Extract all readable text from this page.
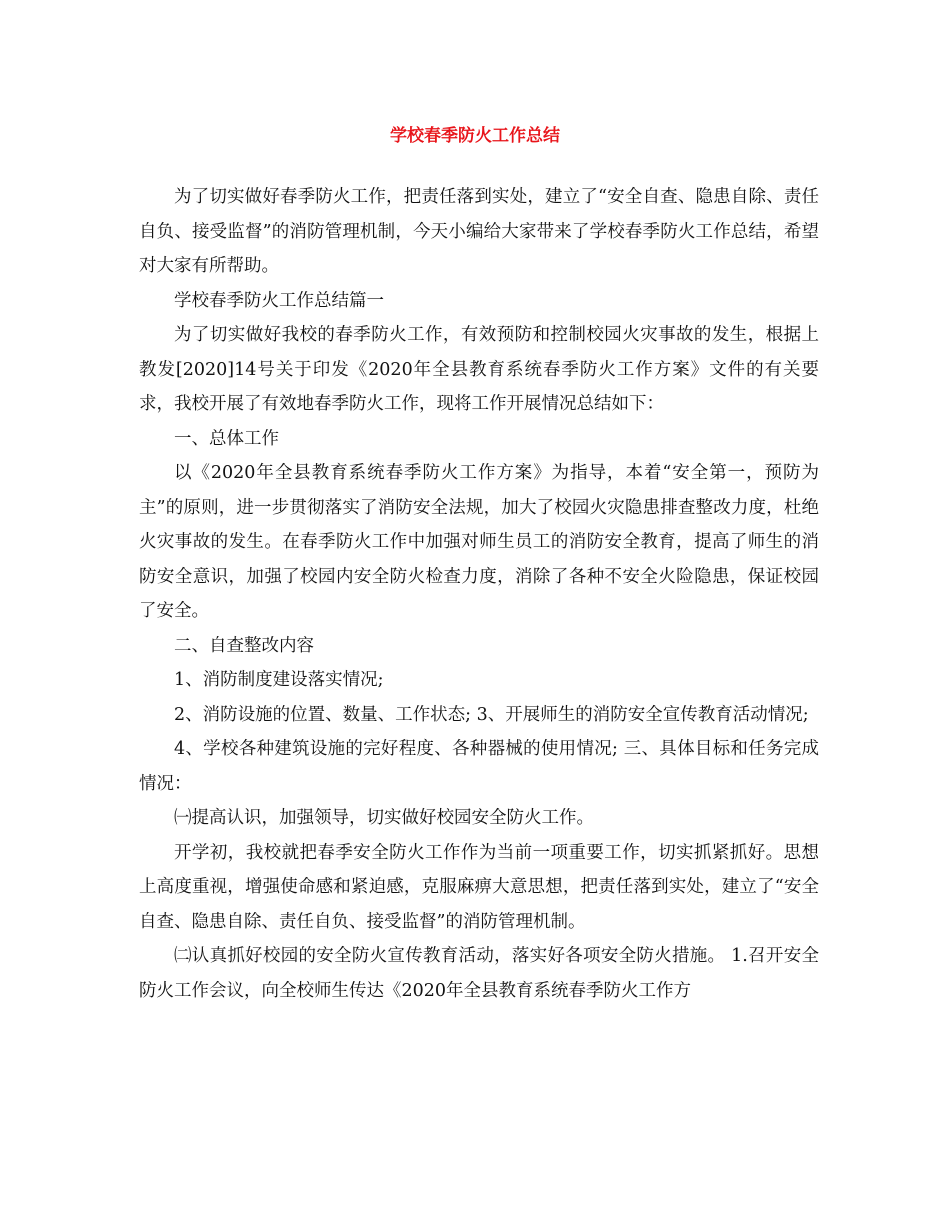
学校春季防火工作总结

为了切实做好春季防火工作，把责任落到实处，建立了“安全自查、隐患自除、责任自负、接受监督”的消防管理机制，今天小编给大家带来了学校春季防火工作总结，希望对大家有所帮助。

学校春季防火工作总结篇一

为了切实做好我校的春季防火工作，有效预防和控制校园火灾事故的发生，根据上教发[2020]14号关于印发《2020年全县教育系统春季防火工作方案》文件的有关要求，我校开展了有效地春季防火工作，现将工作开展情况总结如下：

一、总体工作

以《2020年全县教育系统春季防火工作方案》为指导，本着“安全第一，预防为主”的原则，进一步贯彻落实了消防安全法规，加大了校园火灾隐患排查整改力度，杜绝火灾事故的发生。在春季防火工作中加强对师生员工的消防安全教育，提高了师生的消防安全意识，加强了校园内安全防火检查力度，消除了各种不安全火险隐患，保证校园了安全。

二、自查整改内容

1、消防制度建设落实情况;

2、消防设施的位置、数量、工作状态; 3、开展师生的消防安全宣传教育活动情况;

4、学校各种建筑设施的完好程度、各种器械的使用情况; 三、具体目标和任务完成情况：

㈠提高认识，加强领导，切实做好校园安全防火工作。

开学初，我校就把春季安全防火工作作为当前一项重要工作，切实抓紧抓好。思想上高度重视，增强使命感和紧迫感，克服麻痹大意思想，把责任落到实处，建立了“安全自查、隐患自除、责任自负、接受监督”的消防管理机制。

㈡认真抓好校园的安全防火宣传教育活动，落实好各项安全防火措施。 1.召开安全防火工作会议，向全校师生传达《2020年全县教育系统春季防火工作方
